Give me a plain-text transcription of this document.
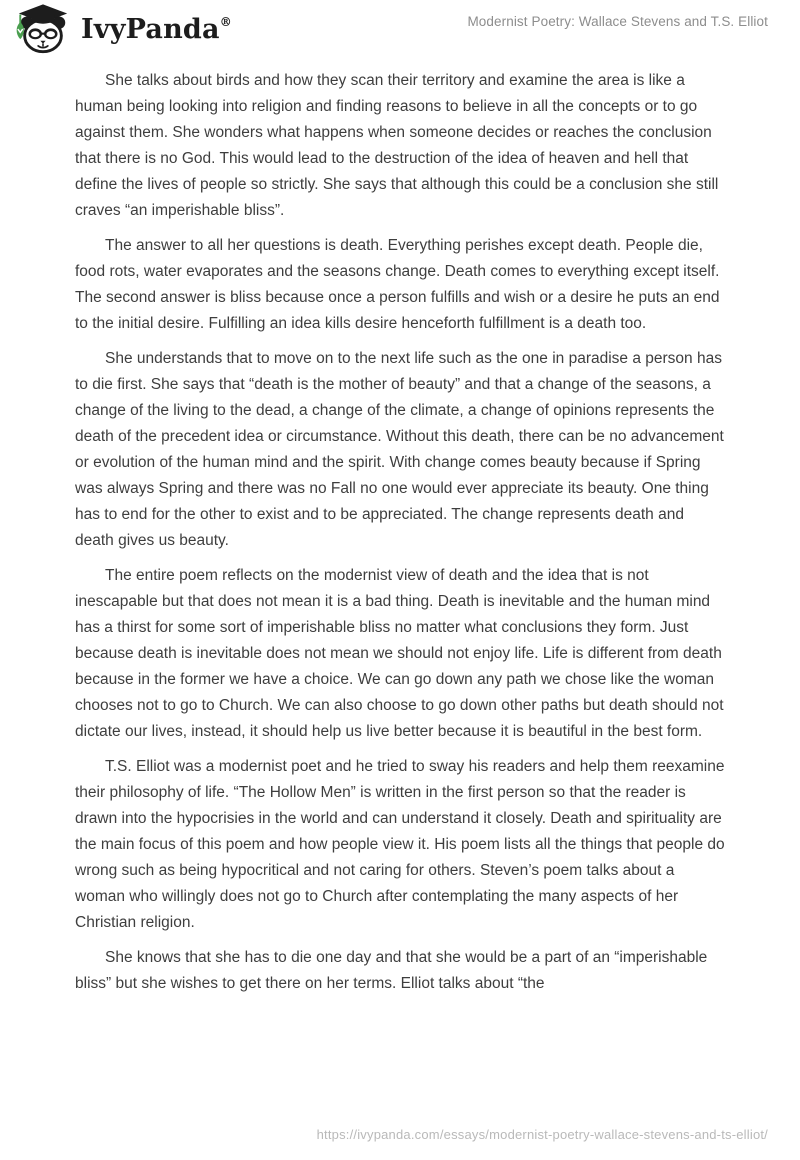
IvyPanda®	Modernist Poetry: Wallace Stevens and T.S. Elliot

She talks about birds and how they scan their territory and examine the area is like a human being looking into religion and finding reasons to believe in all the concepts or to go against them. She wonders what happens when someone decides or reaches the conclusion that there is no God. This would lead to the destruction of the idea of heaven and hell that define the lives of people so strictly. She says that although this could be a conclusion she still craves “an imperishable bliss”.

The answer to all her questions is death. Everything perishes except death. People die, food rots, water evaporates and the seasons change. Death comes to everything except itself. The second answer is bliss because once a person fulfills and wish or a desire he puts an end to the initial desire. Fulfilling an idea kills desire henceforth fulfillment is a death too.

She understands that to move on to the next life such as the one in paradise a person has to die first. She says that “death is the mother of beauty” and that a change of the seasons, a change of the living to the dead, a change of the climate, a change of opinions represents the death of the precedent idea or circumstance. Without this death, there can be no advancement or evolution of the human mind and the spirit. With change comes beauty because if Spring was always Spring and there was no Fall no one would ever appreciate its beauty. One thing has to end for the other to exist and to be appreciated. The change represents death and death gives us beauty.

The entire poem reflects on the modernist view of death and the idea that is not inescapable but that does not mean it is a bad thing. Death is inevitable and the human mind has a thirst for some sort of imperishable bliss no matter what conclusions they form. Just because death is inevitable does not mean we should not enjoy life. Life is different from death because in the former we have a choice. We can go down any path we chose like the woman chooses not to go to Church. We can also choose to go down other paths but death should not dictate our lives, instead, it should help us live better because it is beautiful in the best form.

T.S. Elliot was a modernist poet and he tried to sway his readers and help them reexamine their philosophy of life. “The Hollow Men” is written in the first person so that the reader is drawn into the hypocrisies in the world and can understand it closely. Death and spirituality are the main focus of this poem and how people view it. His poem lists all the things that people do wrong such as being hypocritical and not caring for others. Steven’s poem talks about a woman who willingly does not go to Church after contemplating the many aspects of her Christian religion.

She knows that she has to die one day and that she would be a part of an “imperishable bliss” but she wishes to get there on her terms. Elliot talks about “the

https://ivypanda.com/essays/modernist-poetry-wallace-stevens-and-ts-elliot/
